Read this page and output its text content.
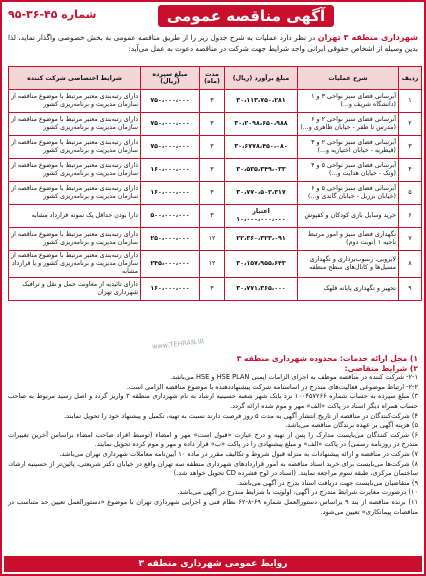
آگهی مناقصه عمومی
شماره ۴۵-۳۶-۹۵
شهرداری منطقه ۳ تهران در نظر دارد عملیات به شرح جدول زیر را از طریق مناقصه عمومی به بخش خصوصی واگذار نماید، لذا بدین وسیله از اشخاص حقوقی ایرانی واجد شرایط جهت شرکت در مناقصه دعوت به عمل می‌آید:
ردیف	شرح عملیات	مبلغ برآورد (ریال)	مدت (ماه)	مبلغ سپرده (ریال)	شرایط اختصاصی شرکت کننده
۱	آبرسانی فضای سبز نواحی ۳ و ۱ (دانشگاه شریف و...)	۳۰،۱۱۳،۷۵۰،۲۸۱	۳	۷۵۰،۰۰۰،۰۰۰	دارای رتبه‌بندی معتبر مرتبط با موضوع مناقصه از سازمان مدیریت و برنامه‌ریزی کشور
۲	آبرسانی فضای سبز نواحی ۲ و ۶ (مدرس تا ظفر - خیابان ظاهری و...)	۳۰،۲۰۹۸،۶۵۰،۹۸۸	۳	۷۵۰،۰۰۰،۰۰۰	دارای رتبه‌بندی معتبر مرتبط با موضوع مناقصه از سازمان مدیریت و برنامه‌ریزی کشور
۳	آبرسانی فضای سبز نواحی ۲ و ۳ (قیطریه - خیابان اختیاریه و...)	۳۰،۶۷۷۸،۴۵۰،۰۸۰	۳	۷۵۰،۰۰۰،۰۰۰	دارای رتبه‌بندی معتبر مرتبط با موضوع مناقصه از سازمان مدیریت و برنامه‌ریزی کشور
۴	آبرسانی فضای سبز نواحی ۵ و ۴ (ونک - خیابان هدایت و...)	۳۰،۵۳۵،۳۴۹،۰۳۳	۳	۱۶۰،۰۰۰،۰۰۰	دارای رتبه‌بندی معتبر مرتبط با موضوع مناقصه از سازمان مدیریت و برنامه‌ریزی کشور
۵	آبرسانی فضای سبز نواحی ۵ و ۶ (خیابان برزیل - خیابان گاندی و...)	۳۰،۷۷۰،۵۰۳،۳۱۷	۳	۱۶۰،۰۰۰،۰۰۰	دارای رتبه‌بندی معتبر مرتبط با موضوع مناقصه از سازمان مدیریت و برنامه‌ریزی کشور
۶	خرید وسایل بازی کودکان و کفپوش	اعتبار ۱۰،۰۰۰،۰۰۰،۰۰۰	۳	۵۰۰،۰۰۰،۰۰۰	دارا بودن حداقل یک نمونه قرارداد مشابه
۷	نگهداری فضای سبز و امور مرتبط ناحیه ۱ (نوبت دوم)	۲۲،۳۶۰،۳۲۳،۰۹۱	۱۲	۲۵۰،۰۰۰،۰۰۰	دارای رتبه‌بندی معتبر مرتبط با موضوع مناقصه از سازمان مدیریت و برنامه‌ریزی کشور
۸	لایروبی، رسوب‌برداری و نگهداری مسیل‌ها و کانال‌های سطح منطقه	۳۰،۱۵۷،۹۵۵،۶۴۳	۱۲	۲۴۵،۰۰۰،۰۰۰	دارای رتبه‌بندی معتبر مرتبط با موضوع مناقصه از سازمان مدیریت و برنامه‌ریزی کشور و یا قرارداد مشابه
۹	تجهیز و نگهداری پایانه قلهک	۳۰،۷۷۱،۳۶۵،۰۰۰	۳	۱۶۰،۰۰۰،۰۰۰	دارای تائیدیه از معاونت حمل و نقل و ترافیک شهرداری تهران
www.TEHRAN.IR

۱) محل ارائه خدمات: محدوده شهرداری منطقه ۳

۲) شرایط متقاضی:

۲-۱- شرکت کننده در مناقصه موظف به اجرای الزامات ایمنی HSE PLAN و HSE می‌باشد.

۲-۲- ارتباط موضوعی فعالیت‌های مندرج در اساسنامه شرکت پیشنهاددهنده با موضوع مناقصه الزامی است.

۳) مبلغ سپرده به حساب شماره ۱۰۰۴۵۷۲۶۶ نزد بانک شهر شعبه حسینیه ارشاد به نام شهرداری منطقه ۳ واریز گردد و اصل رسید مربوط به صاحب حساب همراه دیگر اسناد در پاکت «الف» مهر و موم شده ارائه گردد.

۴) شرکت‌کنندگان در مناقصه از تاریخ انتشار آگهی به مدت ۵ روز فرصت دارند نسبت به تهیه، تکمیل و پیشنهاد خود را تحویل نمایند.

۵) هزینه آگهی بر عهده برندگان مناقصه می‌باشد.

۶) شرکت کنندگان می‌بایست مدارک را پس از تهیه و درج عبارت «قبول است» مهر و امضاء (توسط افراد صاحب امضاء براساس آخرین تغییرات مندرج در روزنامه رسمی) در پاکت «الف» و مبلغ پیشنهادی را در پاکت «ب» قرار داده و مهر و موم کرده تحویل نمایند.

۷) شرکت در مناقصه و ارائه پیشنهادات به منزله قبول شروط و تکالیف مقرر در ماده ۱۰ آیین‌نامه معاملات شهرداری تهران می‌باشد.

۸) شرکت‌ها می‌بایست برای خرید اسناد مناقصه به امور قراردادهای شهرداری منطقه سه تهران واقع در خیابان دکتر شریعتی، پائین‌تر از حسینیه ارشاد، ساختمان مرکزی، طبقه سوم مراجعه نمایند. (اسناد در لوح فشرده CD تحویل خواهد شد.)

۹) متقاضیان می‌بایست جهت دریافت اسناد بدرج در آگهی می‌باشد.

۱۰) درصورت مغایرت شرایط مندرج در آگهی، اولویت با شرایط مندرج در آگهی می‌باشد.

۱۱) برنده مناقصه از بند ۹ براساس دستورالعمل شماره ۶۹-۸-۶۲ نظام فنی و اجرایی شهرداری تهران با موضوع «دستورالعمل تعیین حد متناسب در مناقصات پیمانکاری» تعیین می‌شود.

روابط عمومی شهرداری منطقه ۳
